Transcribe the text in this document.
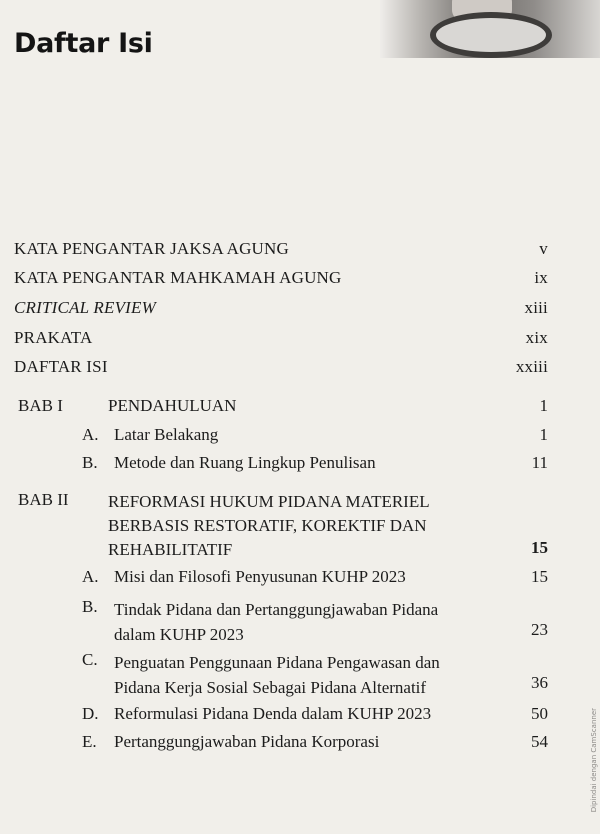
Daftar Isi
KATA PENGANTAR JAKSA AGUNG	v
KATA PENGANTAR MAHKAMAH AGUNG	ix
CRITICAL REVIEW	xiii
PRAKATA	xix
DAFTAR ISI	xxiii
BAB I	PENDAHULUAN	1
A. Latar Belakang	1
B. Metode dan Ruang Lingkup Penulisan	11
BAB II REFORMASI HUKUM PIDANA MATERIEL
BERBASIS RESTORATIF, KOREKTIF DAN
REHABILITATIF	15
A. Misi dan Filosofi Penyusunan KUHP 2023	15
B. Tindak Pidana dan Pertanggungjawaban Pidana
dalam KUHP 2023	23
C. Penguatan Penggunaan Pidana Pengawasan dan
Pidana Kerja Sosial Sebagai Pidana Alternatif	36
D. Reformulasi Pidana Denda dalam KUHP 2023	50
E. Pertanggungjawaban Pidana Korporasi	54	Dipindai dengan CamScanner
